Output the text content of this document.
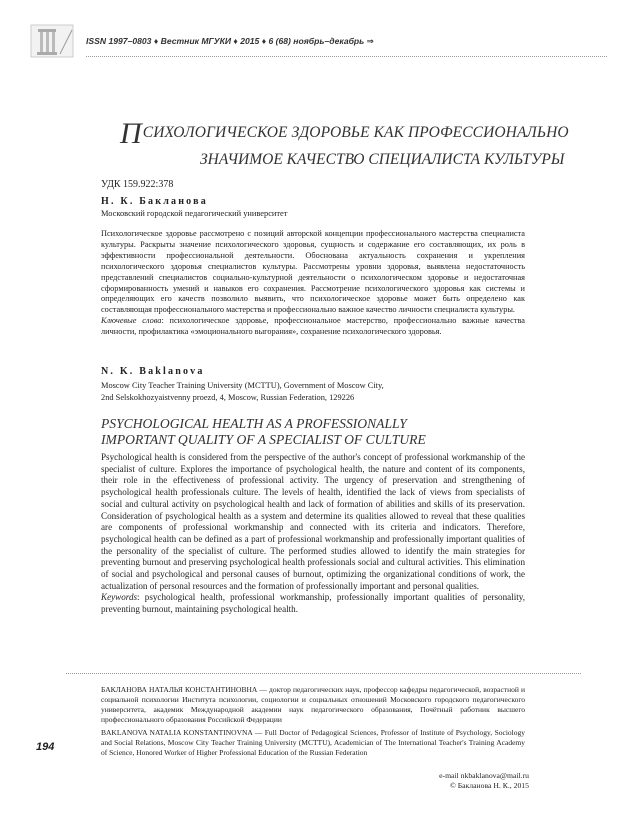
ISSN 1997–0803 ♦ Вестник МГУКИ ♦ 2015 ♦ 6 (68) ноябрь–декабрь ⇒
ПСИХОЛОГИЧЕСКОЕ ЗДОРОВЬЕ КАК ПРОФЕССИОНАЛЬНО
ЗНАЧИМОЕ КАЧЕСТВО СПЕЦИАЛИСТА КУЛЬТУРЫ
УДК 159.922:378
Н. К. Бакланова
Московский городской педагогический университет

Психологическое здоровье рассмотрено с позиций авторской концепции профессионального мастерства специалиста культуры. Раскрыты значение психологического здоровья, сущность и содержание его составляющих, их роль в эффективности профессиональной деятельности. Обоснована актуальность сохранения и укрепления психологического здоровья специалистов культуры. Рассмотрены уровни здоровья, выявлена недостаточность представлений специалистов социально-культурной деятельности о психологическом здоровье и недостаточная сформированность умений и навыков его сохранения. Рассмотрение психологического здоровья как системы и определяющих его качеств позволило выявить, что психологическое здоровье может быть определено как составляющая профессионального мастерства и профессионально важное качество личности специалиста культуры.

Ключевые слова: психологическое здоровье, профессиональное мастерство, профессионально важные качества личности, профилактика «эмоционального выгорания», сохранение психологического здоровья.

N. K. Baklanova
Moscow City Teacher Training University (MCTTU), Government of Moscow City,
2nd Selskokhozyaistvenny proezd, 4, Moscow, Russian Federation, 129226
PSYCHOLOGICAL HEALTH AS A PROFESSIONALLY
IMPORTANT QUALITY OF A SPECIALIST OF CULTURE

Psychological health is considered from the perspective of the author's concept of professional workmanship of the specialist of culture. Explores the importance of psychological health, the nature and content of its components, their role in the effectiveness of professional activity. The urgency of preservation and strengthening of psychological health professionals culture. The levels of health, identified the lack of views from specialists of social and cultural activity on psychological health and lack of formation of abilities and skills of its preservation. Consideration of psychological health as a system and determine its qualities allowed to reveal that these qualities are components of professional workmanship and connected with its criteria and indicators. Therefore, psychological health can be defined as a part of professional workmanship and professionally important qualities of the personality of the specialist of culture. The performed studies allowed to identify the main strategies for preventing burnout and preserving psychological health professionals social and cultural activities. This elimination of social and psychological and personal causes of burnout, optimizing the organizational conditions of work, the actualization of personal resources and the formation of professionally important and personal qualities.

Keywords: psychological health, professional workmanship, professionally important qualities of personality, preventing burnout, maintaining psychological health.

БАКЛАНОВА НАТАЛЬЯ КОНСТАНТИНОВНА — доктор педагогических наук, профессор кафедры педагогической, возрастной и социальной психологии Института психологии, социологии и социальных отношений Московского городского педагогического университета, академик Международной академии наук педагогического образования, Почётный работник высшего профессионального образования Российской Федерации
BAKLANOVA NATALIA KONSTANTINOVNA — Full Doctor of Pedagogical Sciences, Professor of Institute of Psychology, Sociology and Social Relations, Moscow City Teacher Training University (MCTTU), Academician of The International Teacher's Training Academy of Science, Honored Worker of Higher Professional Education of the Russian Federation
194
e-mail nkbaklanova@mail.ru
© Бакланова Н. К., 2015
